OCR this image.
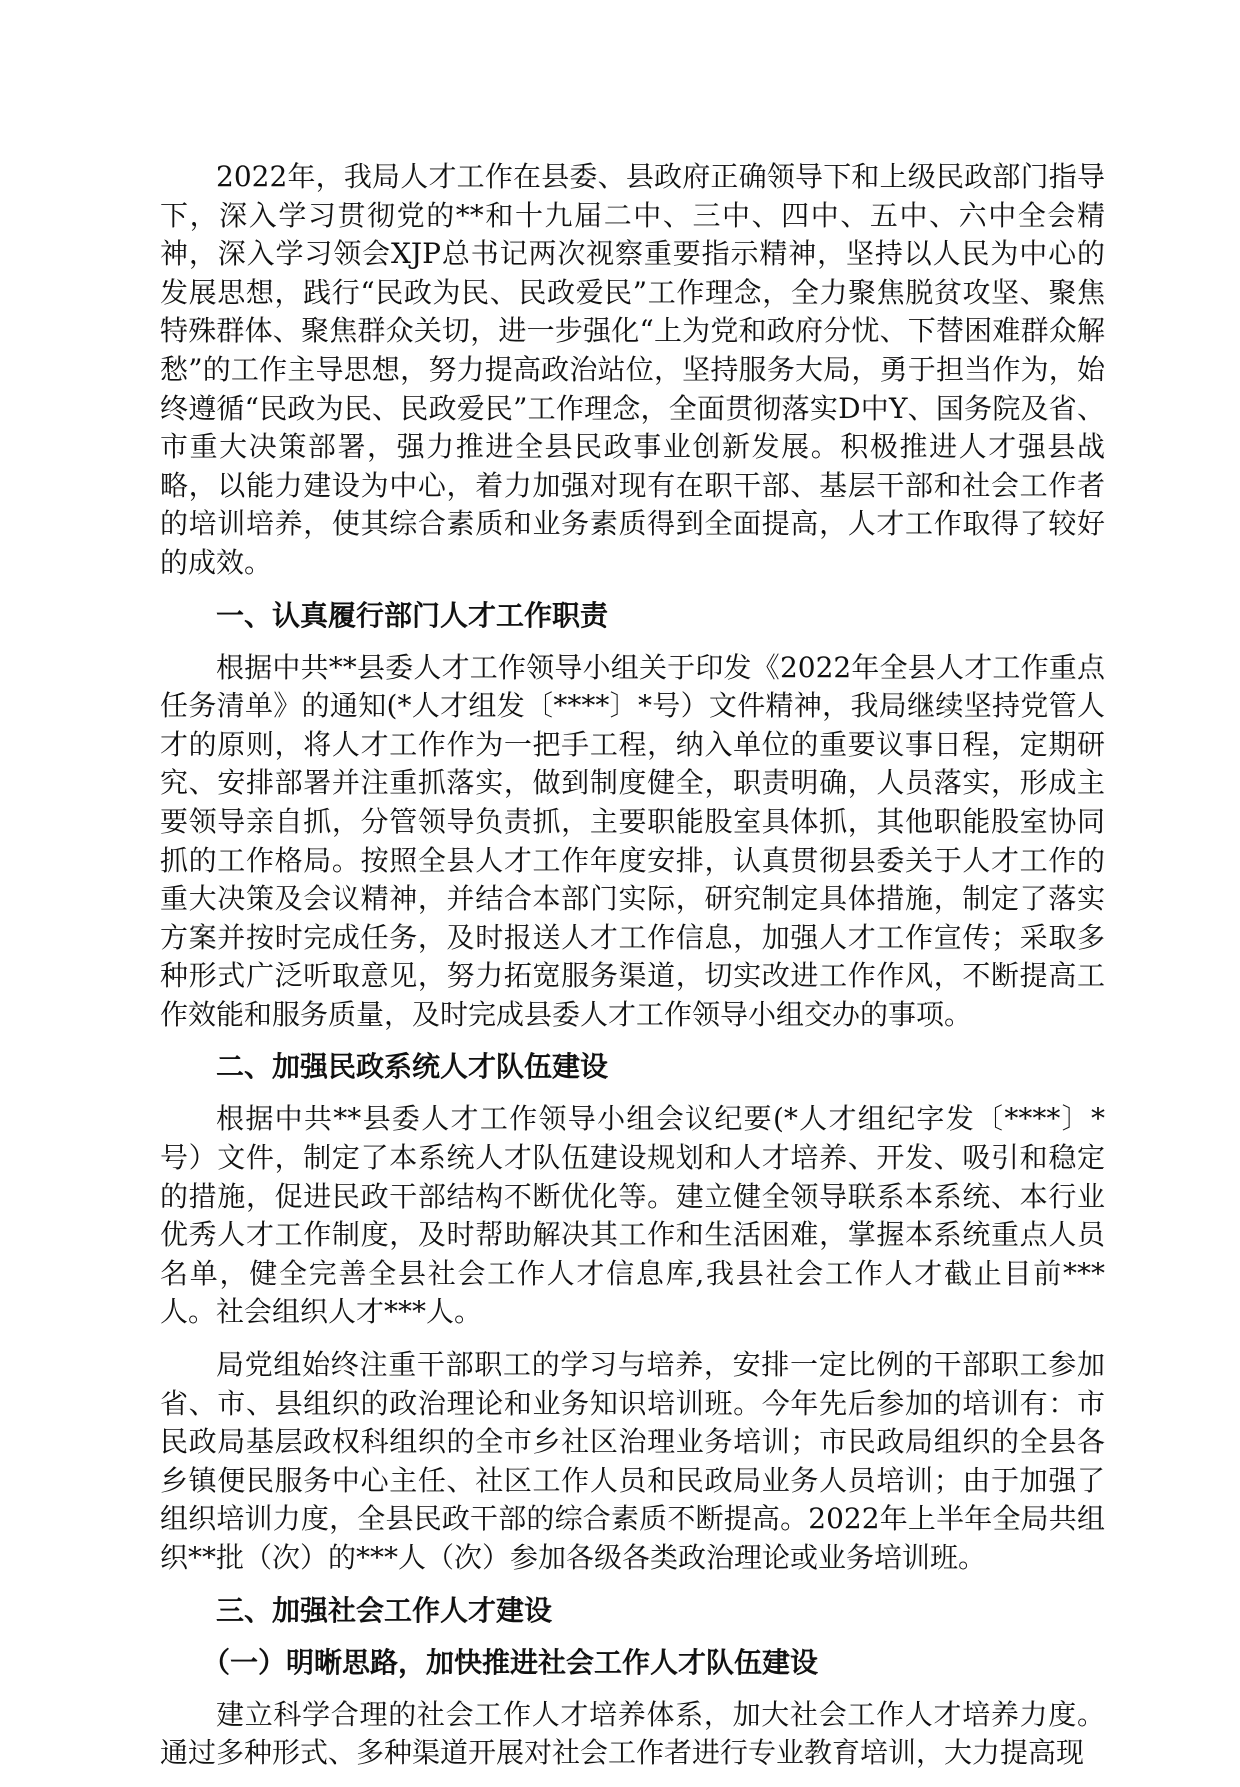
2022年，我局人才工作在县委、县政府正确领导下和上级民政部门指导下，深入学习贯彻党的**和十九届二中、三中、四中、五中、六中全会精神，深入学习领会XJP总书记两次视察重要指示精神，坚持以人民为中心的发展思想，践行“民政为民、民政爱民”工作理念，全力聚焦脱贫攻坚、聚焦特殊群体、聚焦群众关切，进一步强化“上为党和政府分忧、下替困难群众解愁”的工作主导思想，努力提高政治站位，坚持服务大局，勇于担当作为，始终遵循“民政为民、民政爱民”工作理念，全面贯彻落实D中Y、国务院及省、市重大决策部署，强力推进全县民政事业创新发展。积极推进人才强县战略，以能力建设为中心，着力加强对现有在职干部、基层干部和社会工作者的培训培养，使其综合素质和业务素质得到全面提高，人才工作取得了较好的成效。

一、认真履行部门人才工作职责

根据中共**县委人才工作领导小组关于印发《2022年全县人才工作重点任务清单》的通知(*人才组发〔****〕*号）文件精神，我局继续坚持党管人才的原则，将人才工作作为一把手工程，纳入单位的重要议事日程，定期研究、安排部署并注重抓落实，做到制度健全，职责明确，人员落实，形成主要领导亲自抓，分管领导负责抓，主要职能股室具体抓，其他职能股室协同抓的工作格局。按照全县人才工作年度安排，认真贯彻县委关于人才工作的重大决策及会议精神，并结合本部门实际，研究制定具体措施，制定了落实方案并按时完成任务，及时报送人才工作信息，加强人才工作宣传；采取多种形式广泛听取意见，努力拓宽服务渠道，切实改进工作作风，不断提高工作效能和服务质量，及时完成县委人才工作领导小组交办的事项。

二、加强民政系统人才队伍建设

根据中共**县委人才工作领导小组会议纪要(*人才组纪字发〔****〕*号）文件，制定了本系统人才队伍建设规划和人才培养、开发、吸引和稳定的措施，促进民政干部结构不断优化等。建立健全领导联系本系统、本行业优秀人才工作制度，及时帮助解决其工作和生活困难，掌握本系统重点人员名单，健全完善全县社会工作人才信息库,我县社会工作人才截止目前***人。社会组织人才***人。

局党组始终注重干部职工的学习与培养，安排一定比例的干部职工参加省、市、县组织的政治理论和业务知识培训班。今年先后参加的培训有：市民政局基层政权科组织的全市乡社区治理业务培训；市民政局组织的全县各乡镇便民服务中心主任、社区工作人员和民政局业务人员培训；由于加强了组织培训力度，全县民政干部的综合素质不断提高。2022年上半年全局共组织**批（次）的***人（次）参加各级各类政治理论或业务培训班。

三、加强社会工作人才建设
（一）明晰思路，加快推进社会工作人才队伍建设

建立科学合理的社会工作人才培养体系，加大社会工作人才培养力度。通过多种形式、多种渠道开展对社会工作者进行专业教育培训，大力提高现
